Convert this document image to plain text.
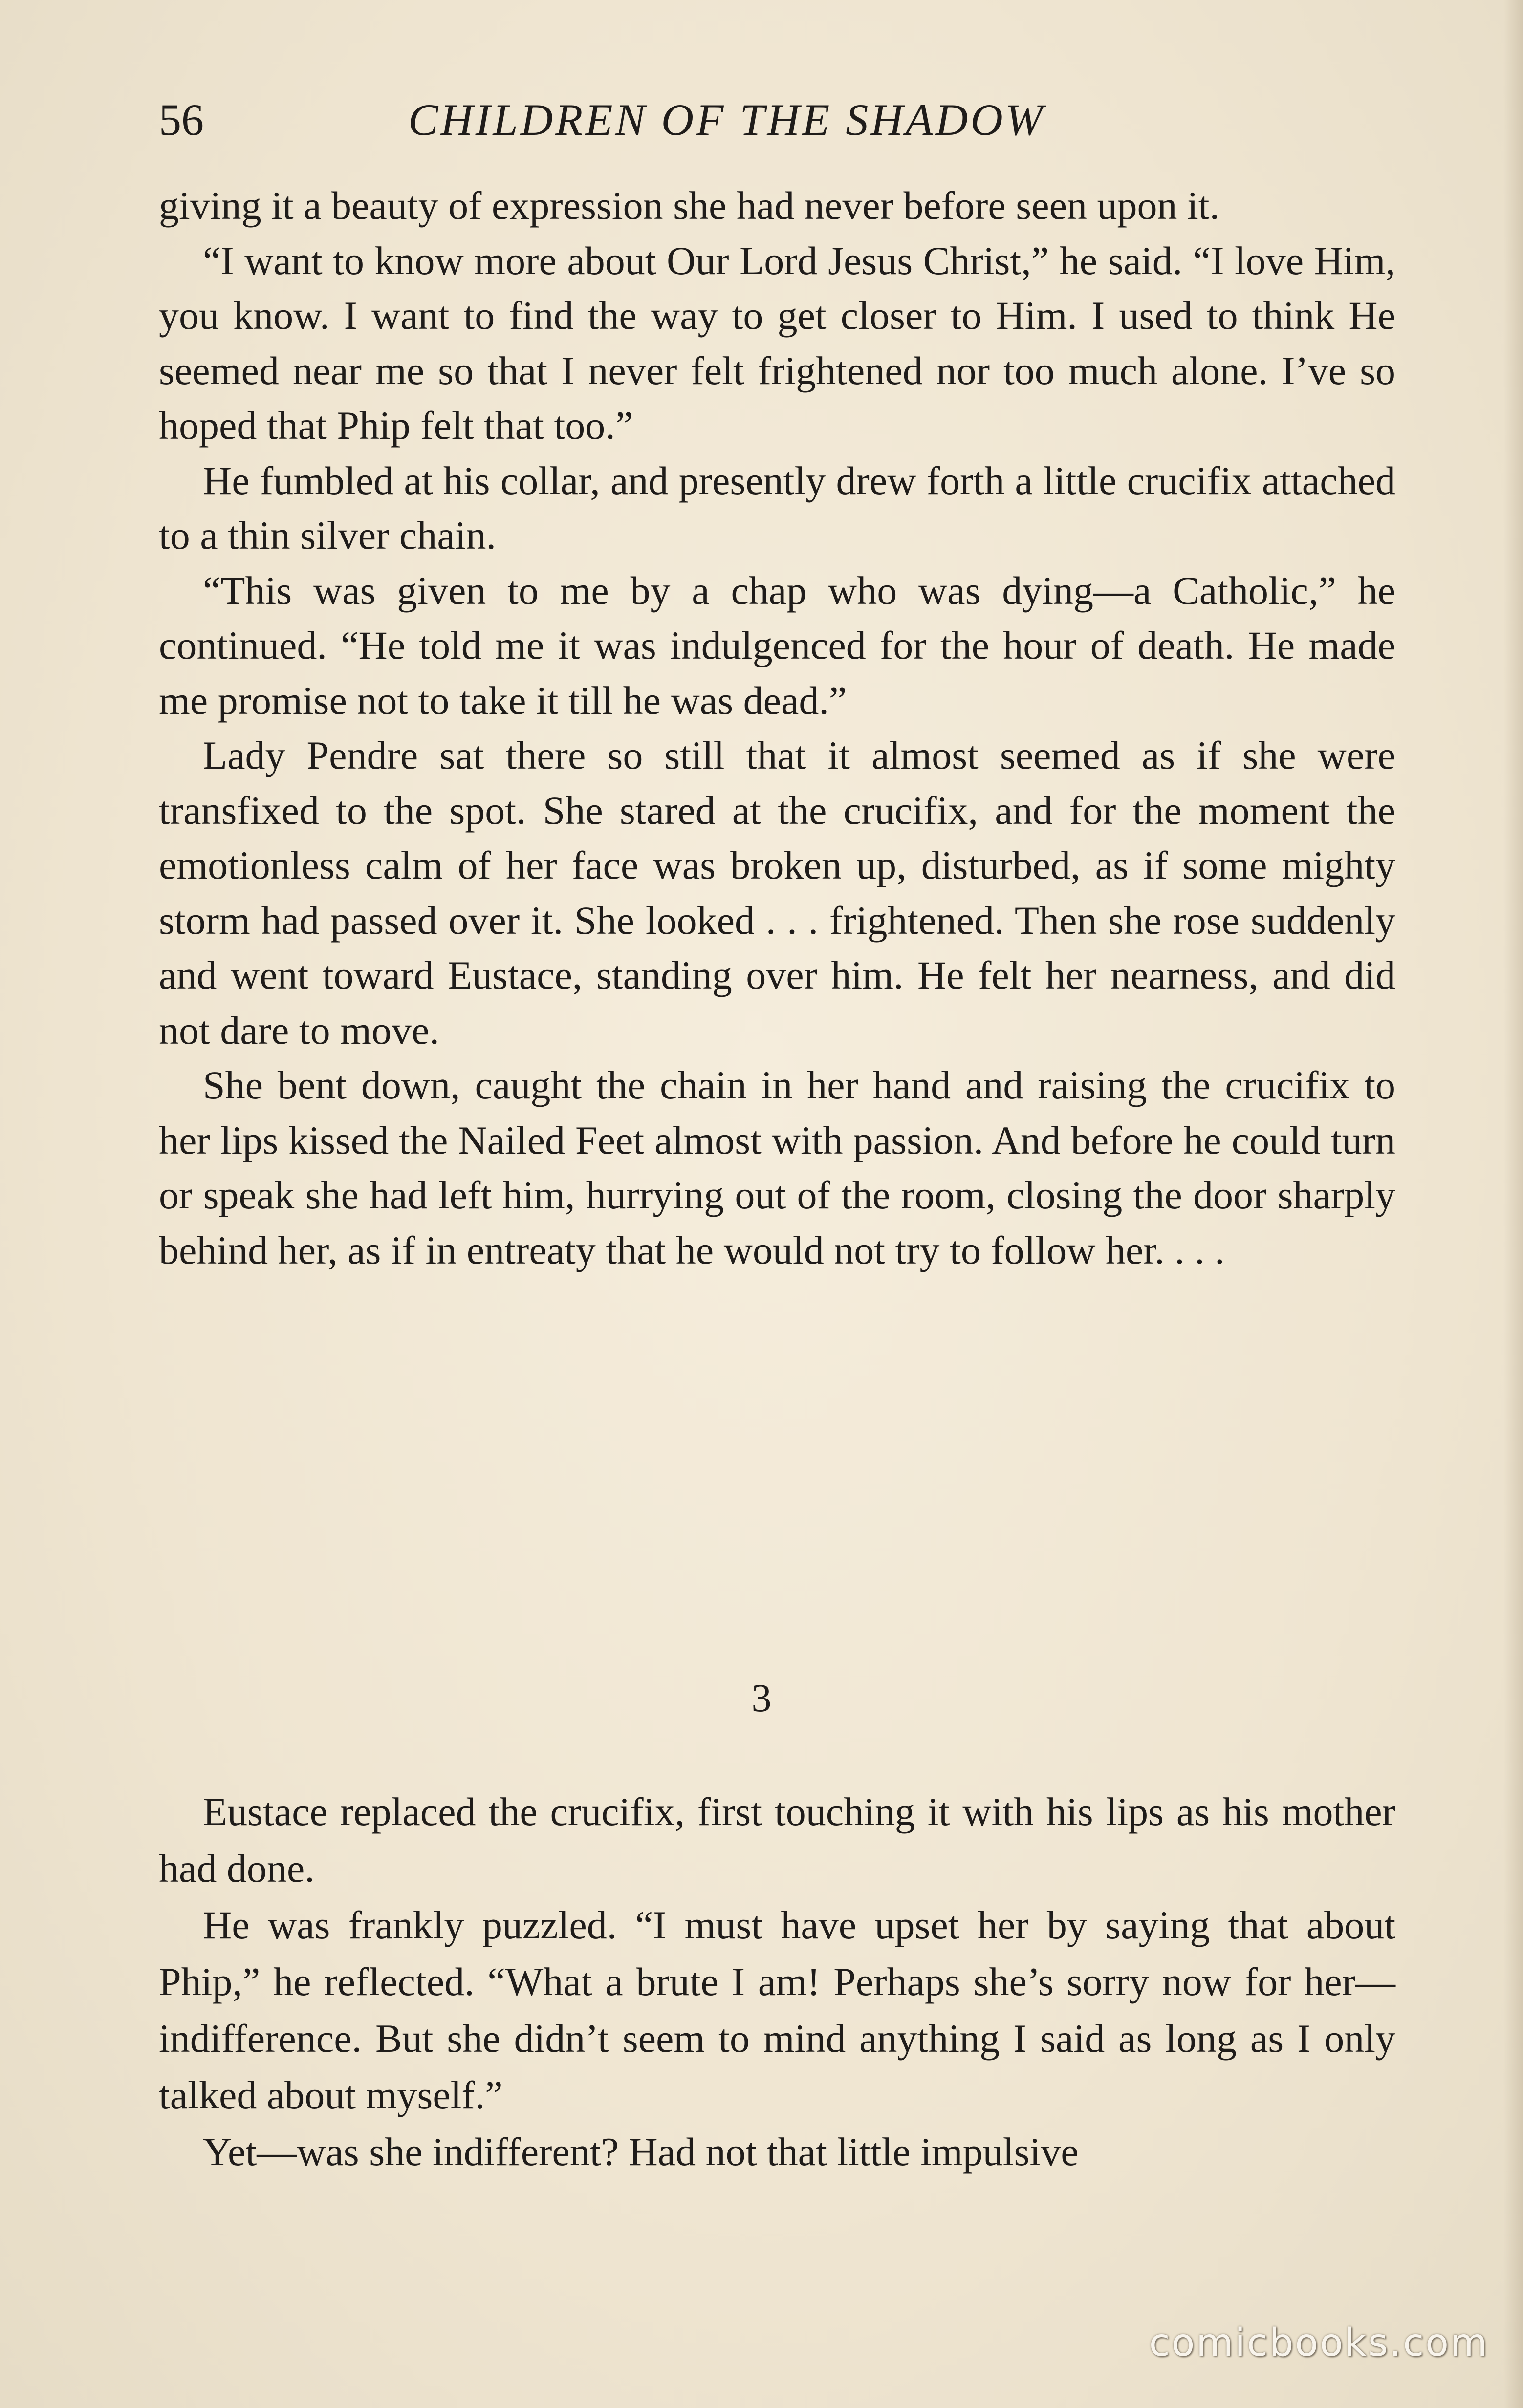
56	CHILDREN OF THE SHADOW

giving it a beauty of expression she had never before seen upon it.

“I want to know more about Our Lord Jesus Christ,” he said. “I love Him, you know. I want to find the way to get closer to Him. I used to think He seemed near me so that I never felt frightened nor too much alone. I’ve so hoped that Phip felt that too.”

He fumbled at his collar, and presently drew forth a little crucifix attached to a thin silver chain.

“This was given to me by a chap who was dying—a Catholic,” he continued. “He told me it was indulgenced for the hour of death. He made me promise not to take it till he was dead.”

Lady Pendre sat there so still that it almost seemed as if she were transfixed to the spot. She stared at the crucifix, and for the moment the emotionless calm of her face was broken up, disturbed, as if some mighty storm had passed over it. She looked . . . frightened. Then she rose suddenly and went toward Eustace, standing over him. He felt her nearness, and did not dare to move.

She bent down, caught the chain in her hand and raising the crucifix to her lips kissed the Nailed Feet almost with passion. And before he could turn or speak she had left him, hurrying out of the room, closing the door sharply behind her, as if in entreaty that he would not try to follow her. . . .

3

Eustace replaced the crucifix, first touching it with his lips as his mother had done.

He was frankly puzzled. “I must have upset her by saying that about Phip,” he reflected. “What a brute I am! Perhaps she’s sorry now for her—indifference. But she didn’t seem to mind anything I said as long as I only talked about myself.”

Yet—was she indifferent? Had not that little impulsive

comicbooks.com
